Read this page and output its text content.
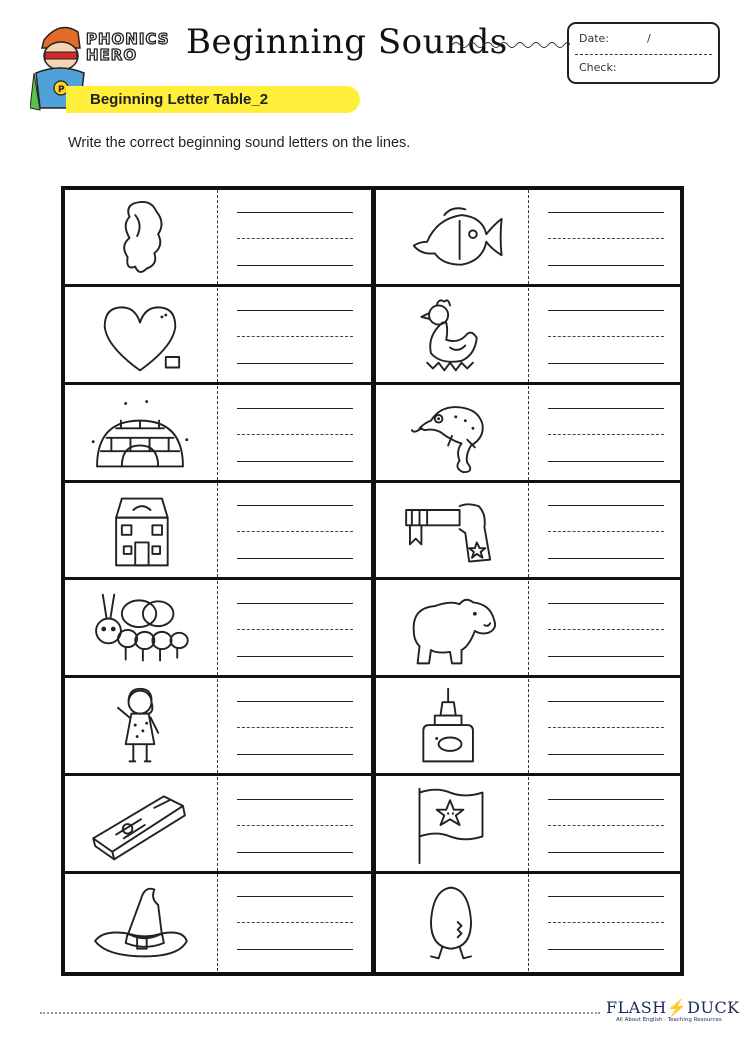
P
PHONICS
HERO Beginning Sounds	Date:	/
Check:
Beginning Letter Table_2
Write the correct beginning sound letters on the lines.
FLASH⚡DUCK
All About English · Teaching Resources
